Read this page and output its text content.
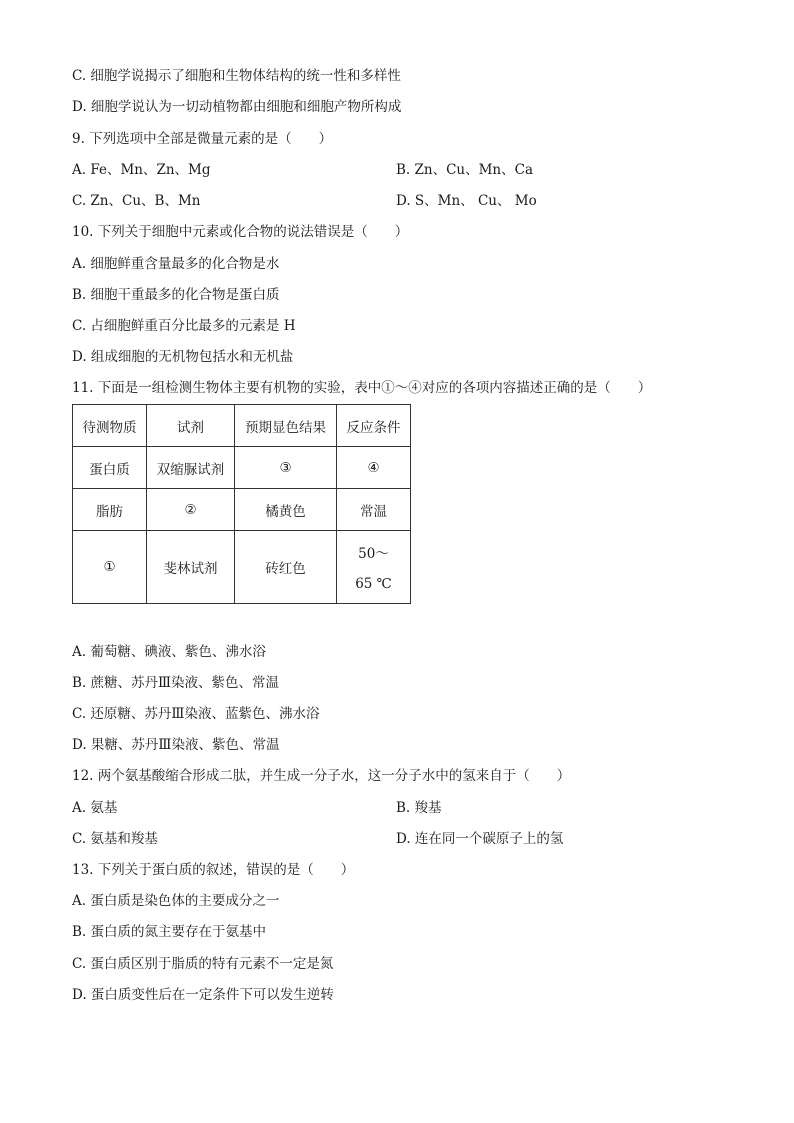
C. 细胞学说揭示了细胞和生物体结构的统一性和多样性
D. 细胞学说认为一切动植物都由细胞和细胞产物所构成
9. 下列选项中全部是微量元素的是（　　）
A. Fe、Mn、Zn、Mg	B. Zn、Cu、Mn、Ca
C. Zn、Cu、B、Mn	D. S、Mn、 Cu、 Mo
10. 下列关于细胞中元素或化合物的说法错误是（　　）
A. 细胞鲜重含量最多的化合物是水
B. 细胞干重最多的化合物是蛋白质
C. 占细胞鲜重百分比最多的元素是 H
D. 组成细胞的无机物包括水和无机盐
11. 下面是一组检测生物体主要有机物的实验，表中①～④对应的各项内容描述正确的是（　　）
待测物质	试剂	预期显色结果	反应条件
蛋白质	双缩脲试剂	③	④
脂肪	②	橘黄色	常温
①	斐林试剂	砖红色	50～
65 ℃
A. 葡萄糖、碘液、紫色、沸水浴
B. 蔗糖、苏丹Ⅲ染液、紫色、常温
C. 还原糖、苏丹Ⅲ染液、蓝紫色、沸水浴
D. 果糖、苏丹Ⅲ染液、紫色、常温
12. 两个氨基酸缩合形成二肽，并生成一分子水，这一分子水中的氢来自于（　　）
A. 氨基	B. 羧基
C. 氨基和羧基	D. 连在同一个碳原子上的氢
13. 下列关于蛋白质的叙述，错误的是（　　）
A. 蛋白质是染色体的主要成分之一
B. 蛋白质的氮主要存在于氨基中
C. 蛋白质区别于脂质的特有元素不一定是氮
D. 蛋白质变性后在一定条件下可以发生逆转
